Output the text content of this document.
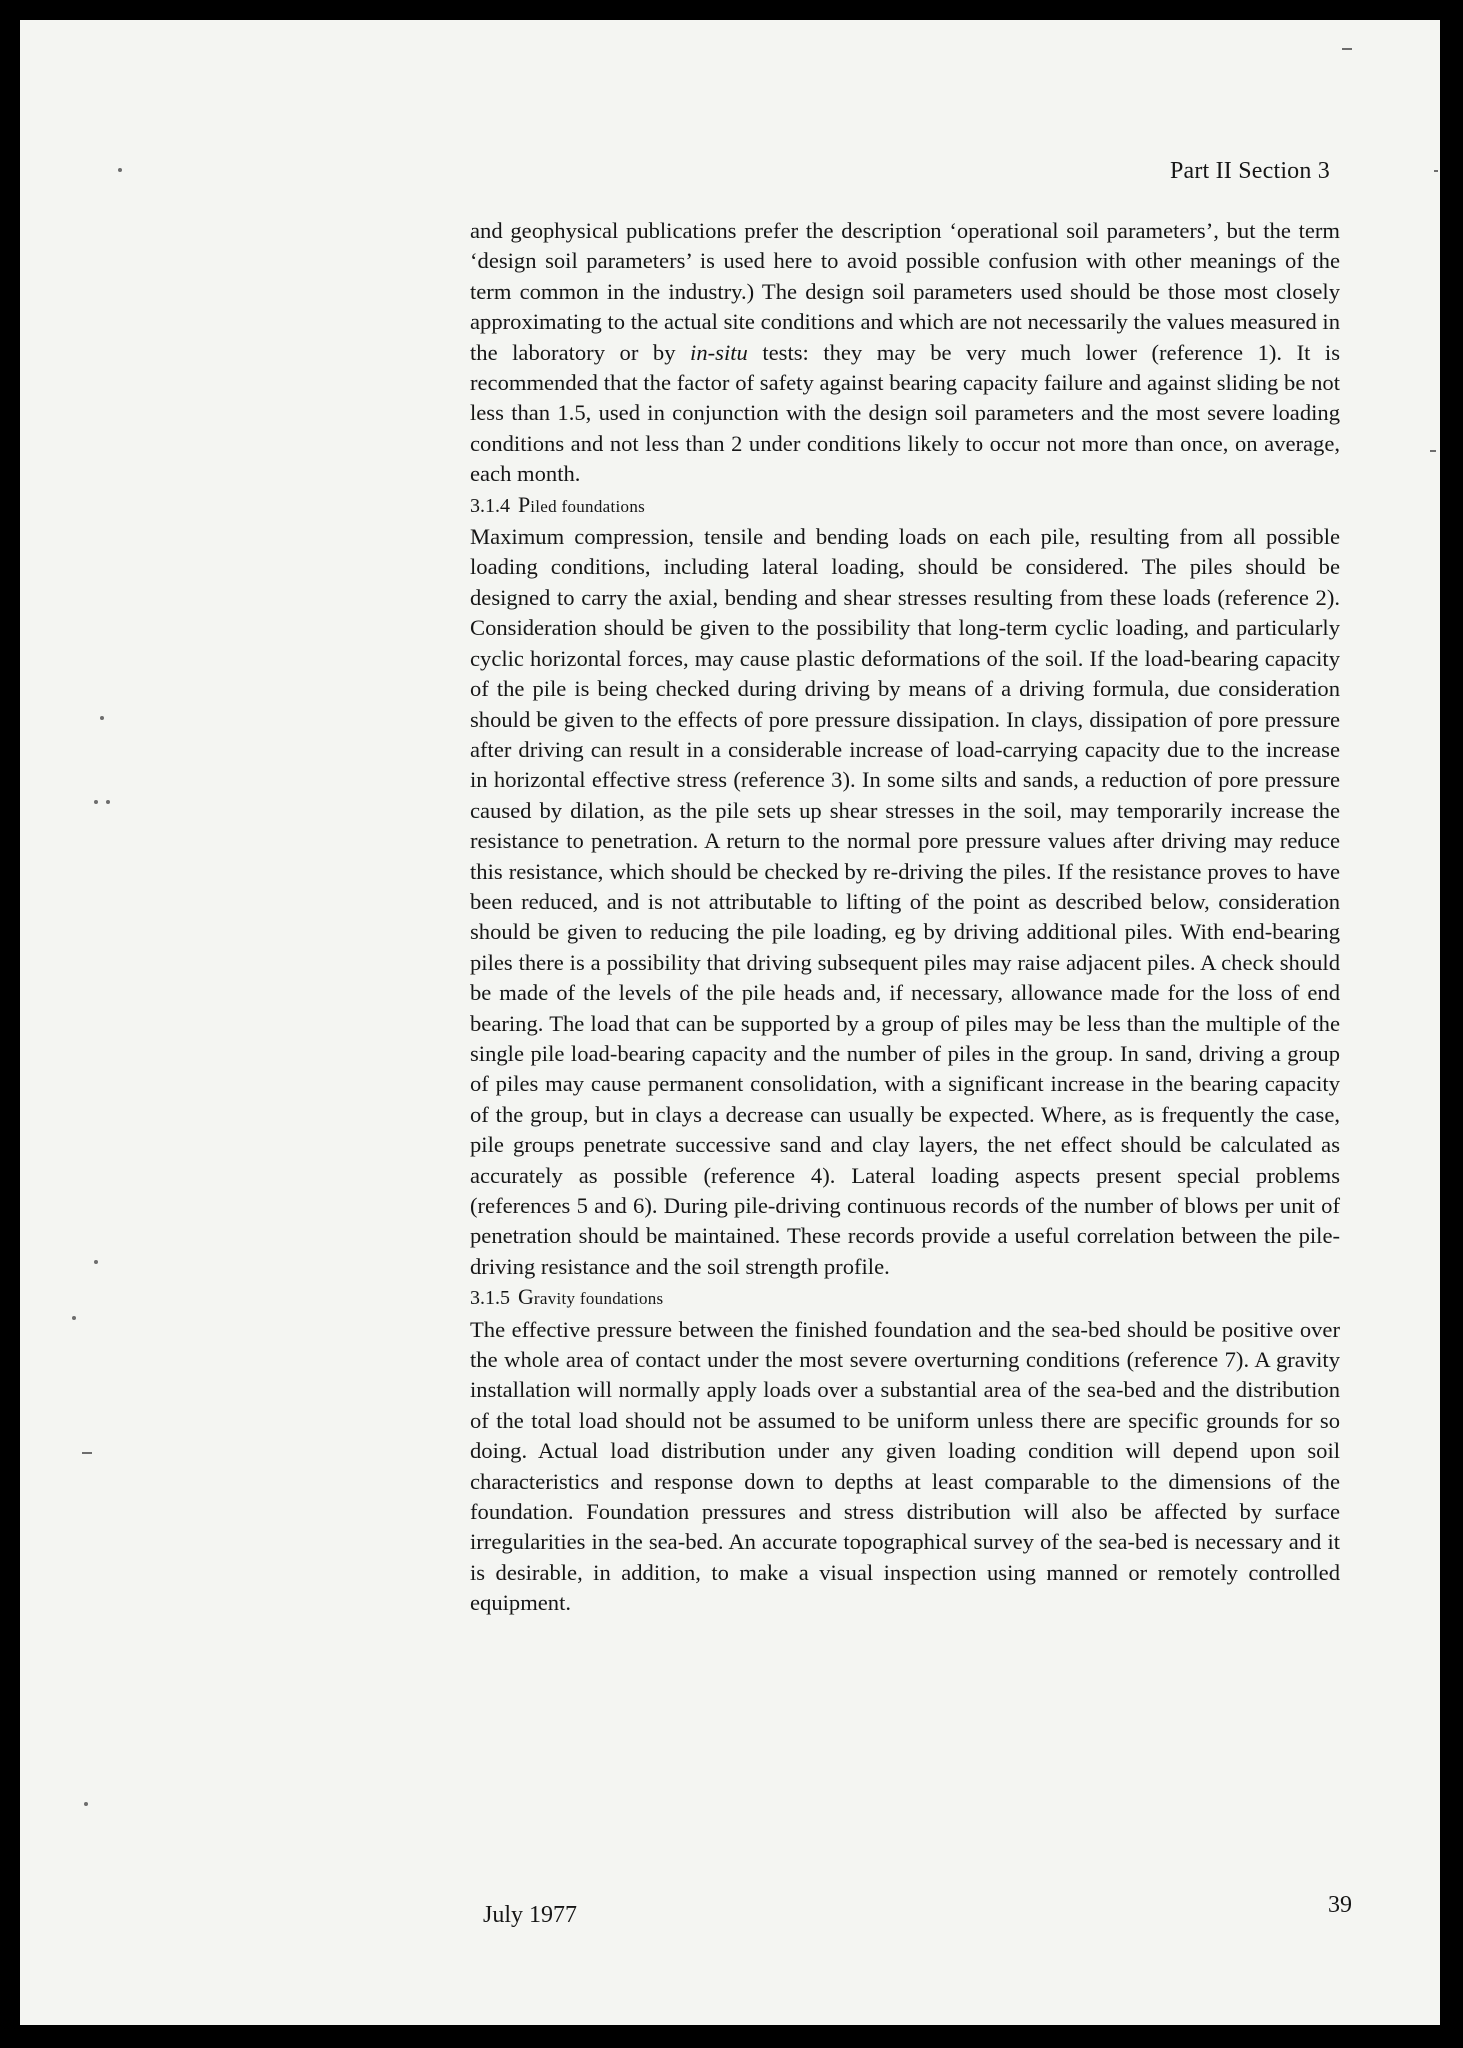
Part II Section 3

and geophysical publications prefer the description ‘operational soil parameters’, but the term ‘design soil parameters’ is used here to avoid possible confusion with other meanings of the term common in the industry.) The design soil parameters used should be those most closely approximating to the actual site conditions and which are not necessarily the values measured in the laboratory or by in-situ tests: they may be very much lower (reference 1). It is recommended that the factor of safety against bearing capacity failure and against sliding be not less than 1.5, used in conjunction with the design soil parameters and the most severe loading conditions and not less than 2 under conditions likely to occur not more than once, on average, each month.

3.1.4 Piled foundations

Maximum compression, tensile and bending loads on each pile, resulting from all possible loading conditions, including lateral loading, should be considered. The piles should be designed to carry the axial, bending and shear stresses resulting from these loads (reference 2). Consideration should be given to the possibility that long-term cyclic loading, and particularly cyclic horizontal forces, may cause plastic deformations of the soil. If the load-bearing capacity of the pile is being checked during driving by means of a driving formula, due consideration should be given to the effects of pore pressure dissipation. In clays, dissipation of pore pressure after driving can result in a considerable increase of load-carrying capacity due to the increase in horizontal effective stress (reference 3). In some silts and sands, a reduction of pore pressure caused by dilation, as the pile sets up shear stresses in the soil, may temporarily increase the resistance to penetration. A return to the normal pore pressure values after driving may reduce this resistance, which should be checked by re-driving the piles. If the resistance proves to have been reduced, and is not attributable to lifting of the point as described below, consideration should be given to reducing the pile loading, eg by driving additional piles. With end-bearing piles there is a possibility that driving subsequent piles may raise adjacent piles. A check should be made of the levels of the pile heads and, if necessary, allowance made for the loss of end bearing. The load that can be supported by a group of piles may be less than the multiple of the single pile load-bearing capacity and the number of piles in the group. In sand, driving a group of piles may cause permanent consolidation, with a significant increase in the bearing capacity of the group, but in clays a decrease can usually be expected. Where, as is frequently the case, pile groups penetrate successive sand and clay layers, the net effect should be calculated as accurately as possible (reference 4). Lateral loading aspects present special problems (references 5 and 6). During pile-driving continuous records of the number of blows per unit of penetration should be maintained. These records provide a useful correlation between the pile-driving resistance and the soil strength profile.

3.1.5 Gravity foundations

The effective pressure between the finished foundation and the sea-bed should be positive over the whole area of contact under the most severe overturning conditions (reference 7). A gravity installation will normally apply loads over a substantial area of the sea-bed and the distribution of the total load should not be assumed to be uniform unless there are specific grounds for so doing. Actual load distribution under any given loading condition will depend upon soil characteristics and response down to depths at least comparable to the dimensions of the foundation. Foundation pressures and stress distribution will also be affected by surface irregularities in the sea-bed. An accurate topographical survey of the sea-bed is necessary and it is desirable, in addition, to make a visual inspection using manned or remotely controlled equipment.

July 1977	39
